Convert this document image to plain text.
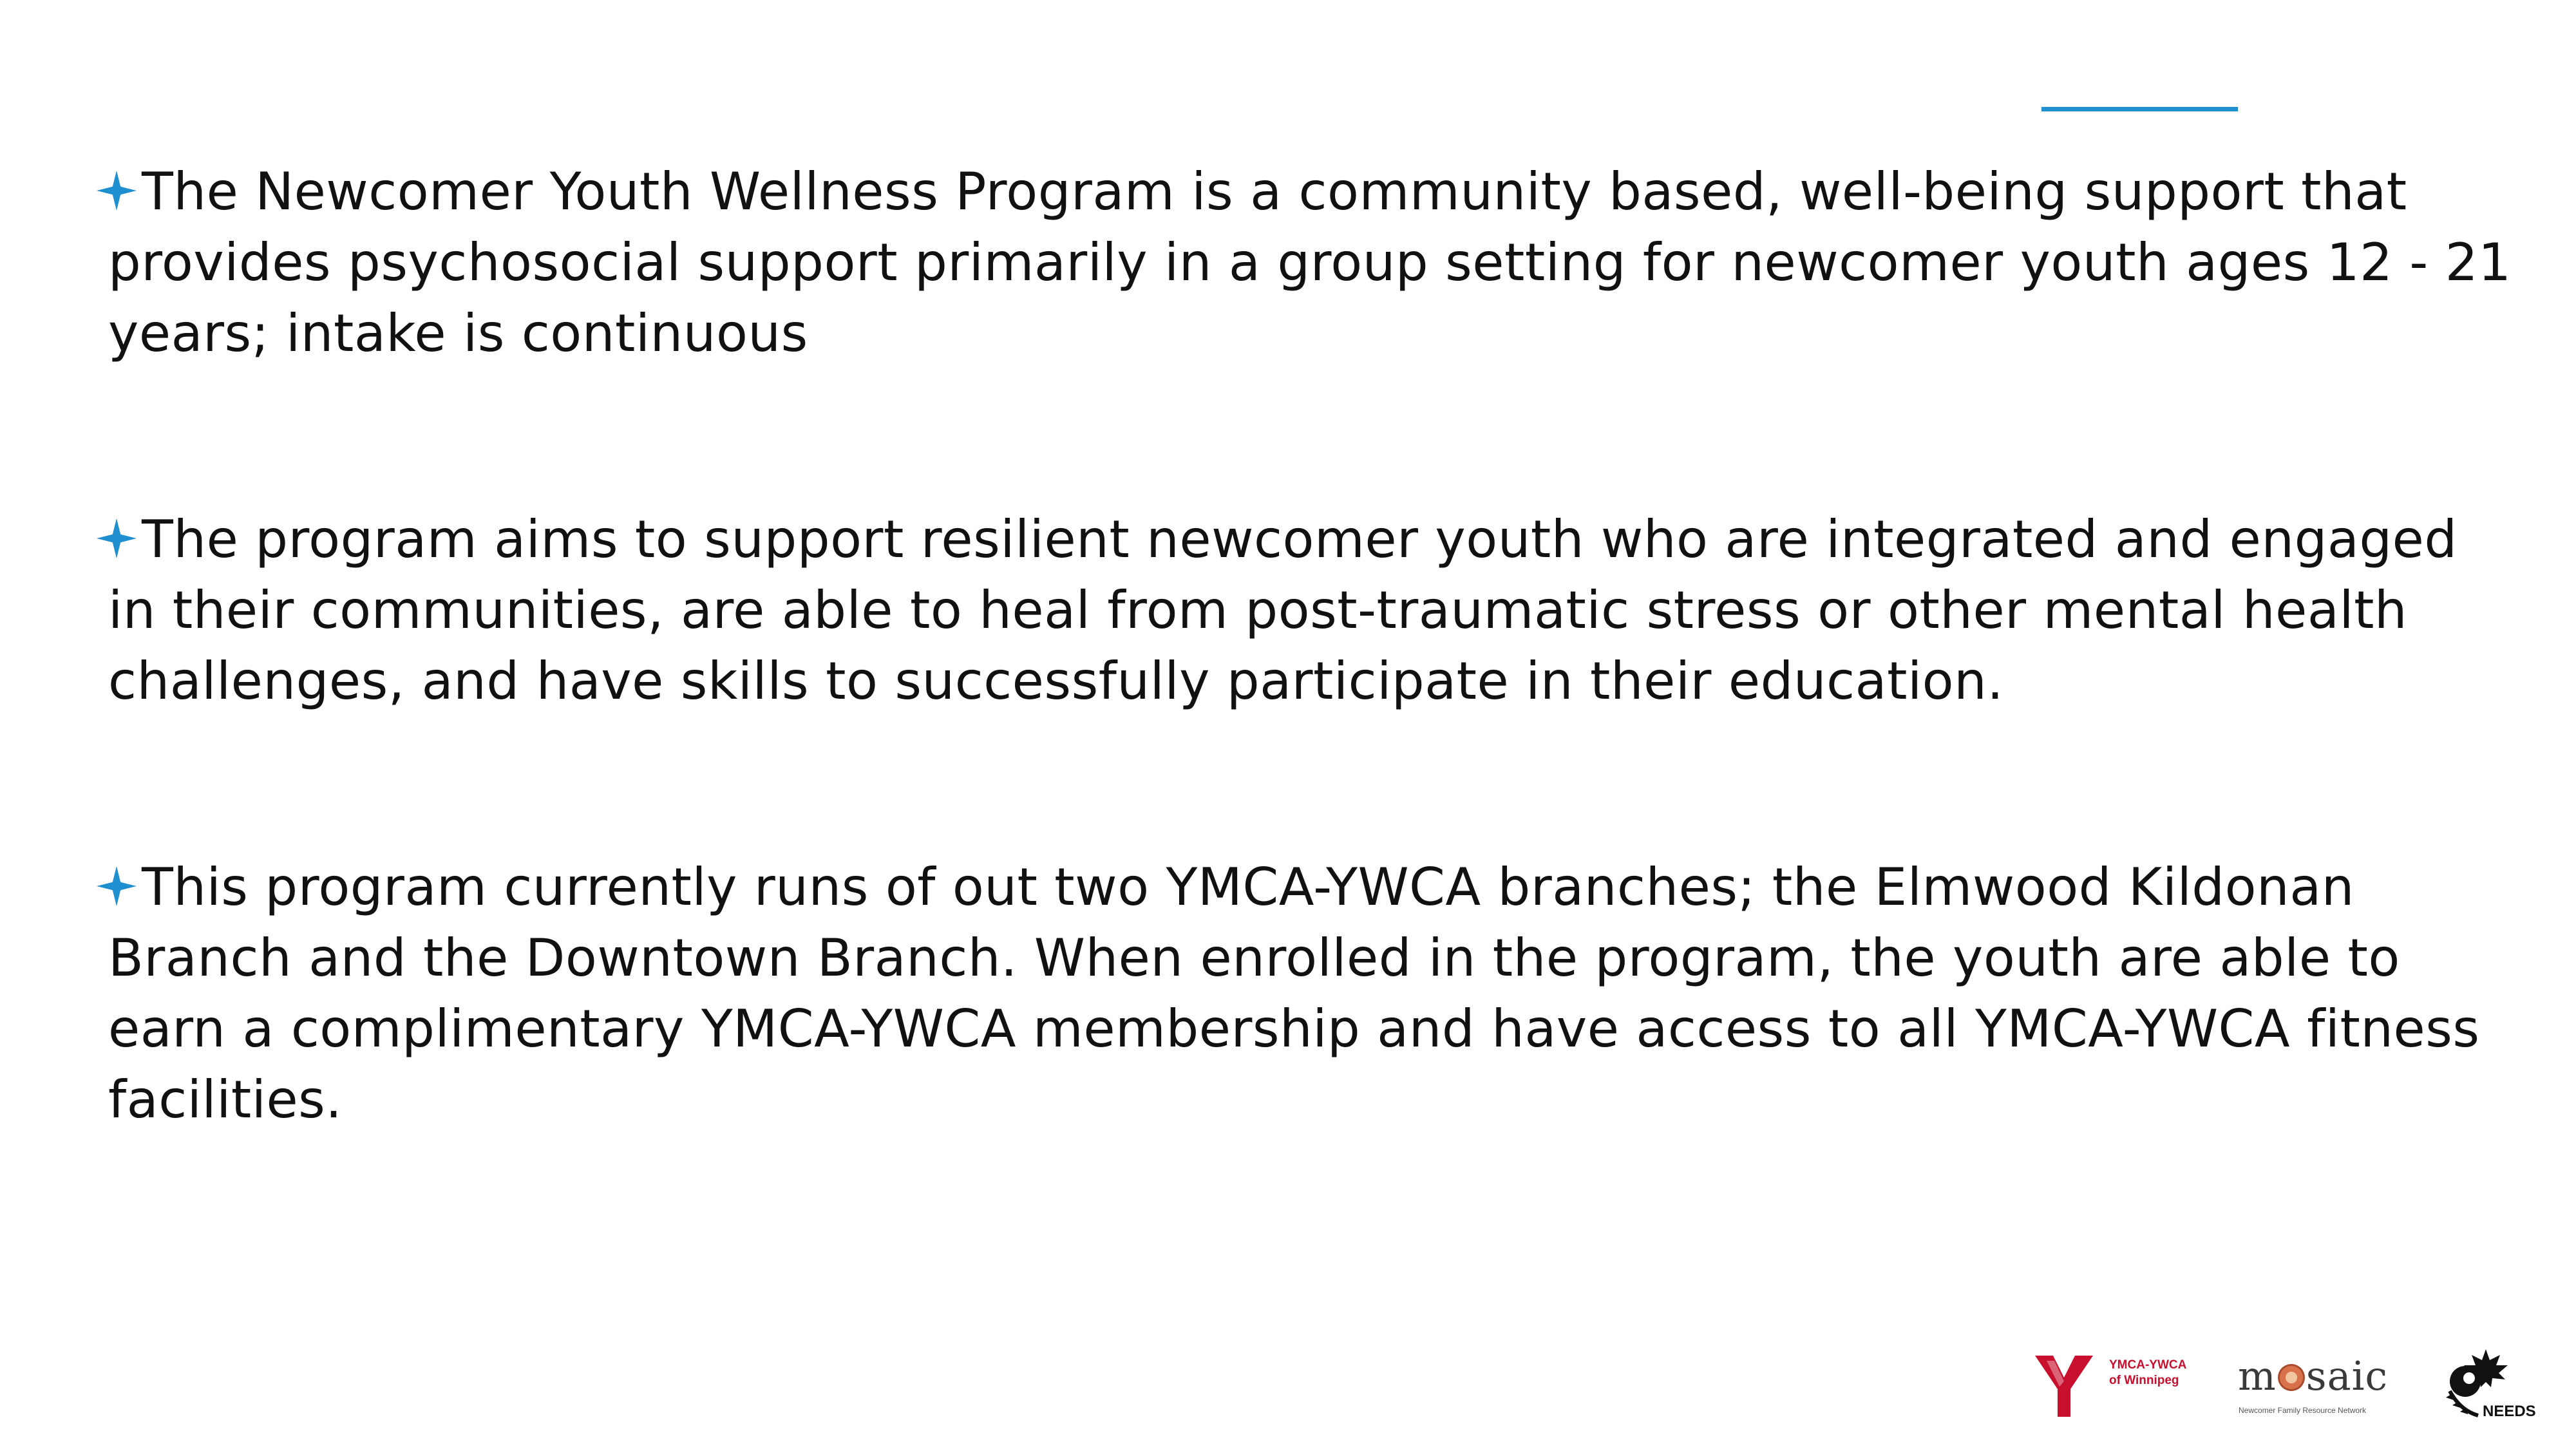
The Newcomer Youth Wellness Program is a community based, well-being support that provides psychosocial support primarily in a group setting for newcomer youth ages 12 - 21 years; intake is continuous
The program aims to support resilient newcomer youth who are integrated and engaged in their communities, are able to heal from post-traumatic stress or other mental health challenges, and have skills to successfully participate in their education.
This program currently runs of out two YMCA-YWCA branches; the Elmwood Kildonan Branch and the Downtown Branch. When enrolled in the program, the youth are able to earn a complimentary YMCA-YWCA membership and have access to all YMCA-YWCA fitness facilities.
YMCA-YWCA
of Winnipeg m saic
Newcomer Family Resource Network	NEEDS
